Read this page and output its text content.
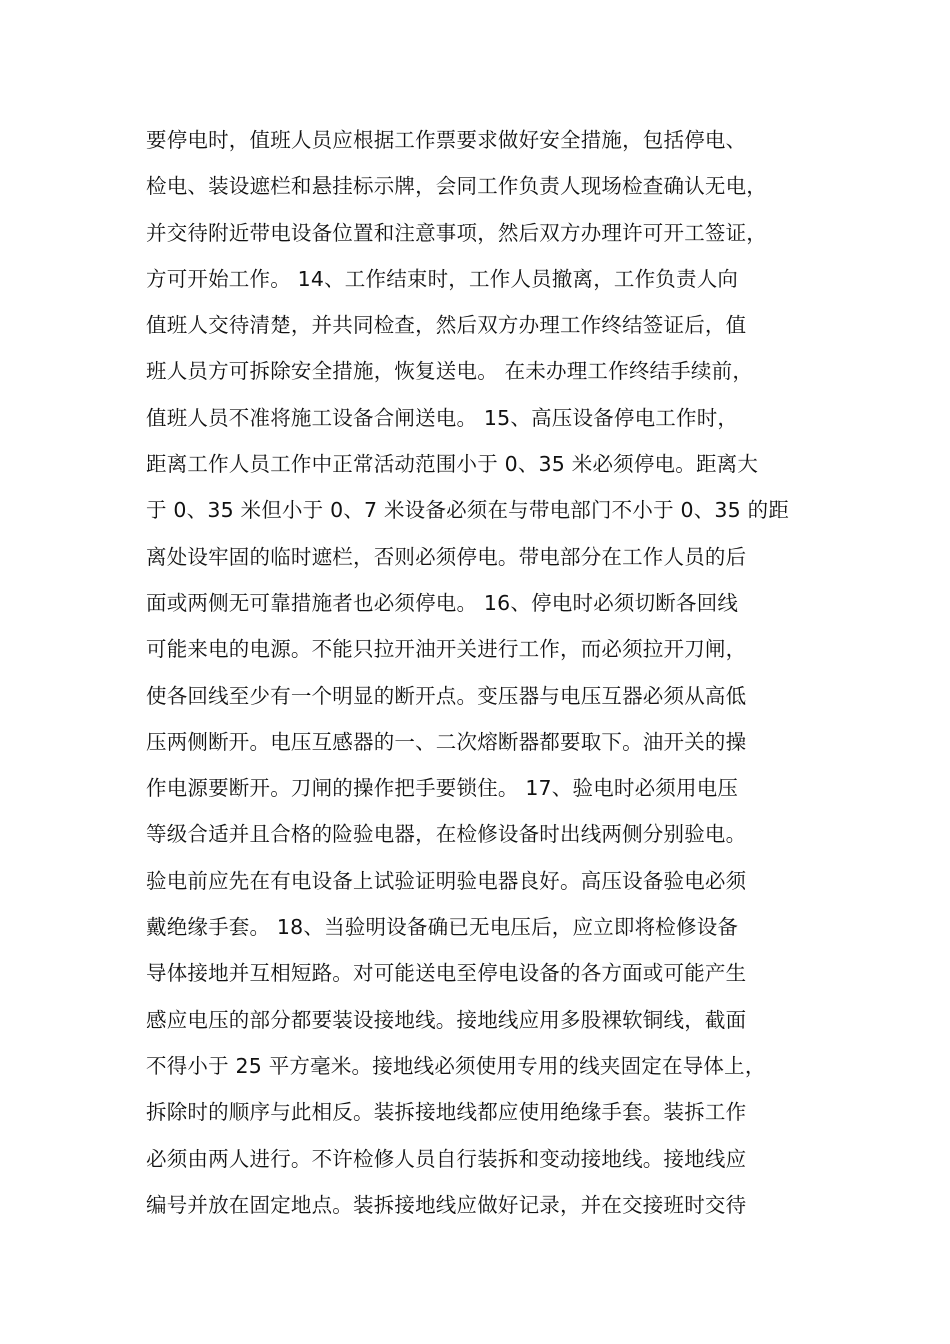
要停电时，值班人员应根据工作票要求做好安全措施，包括停电、
检电、装设遮栏和悬挂标示牌，会同工作负责人现场检查确认无电，
并交待附近带电设备位置和注意事项，然后双方办理许可开工签证，
方可开始工作。 14、工作结束时，工作人员撤离，工作负责人向
值班人交待清楚，并共同检查，然后双方办理工作终结签证后，值
班人员方可拆除安全措施，恢复送电。 在未办理工作终结手续前，
值班人员不准将施工设备合闸送电。 15、高压设备停电工作时，
距离工作人员工作中正常活动范围小于 0、35 米必须停电。距离大
于 0、35 米但小于 0、7 米设备必须在与带电部门不小于 0、35 的距
离处设牢固的临时遮栏，否则必须停电。带电部分在工作人员的后
面或两侧无可靠措施者也必须停电。 16、停电时必须切断各回线
可能来电的电源。不能只拉开油开关进行工作，而必须拉开刀闸，
使各回线至少有一个明显的断开点。变压器与电压互器必须从高低
压两侧断开。电压互感器的一、二次熔断器都要取下。油开关的操
作电源要断开。刀闸的操作把手要锁住。 17、验电时必须用电压
等级合适并且合格的险验电器，在检修设备时出线两侧分别验电。
验电前应先在有电设备上试验证明验电器良好。高压设备验电必须
戴绝缘手套。 18、当验明设备确已无电压后，应立即将检修设备
导体接地并互相短路。对可能送电至停电设备的各方面或可能产生
感应电压的部分都要装设接地线。接地线应用多股裸软铜线，截面
不得小于 25 平方毫米。接地线必须使用专用的线夹固定在导体上，
拆除时的顺序与此相反。装拆接地线都应使用绝缘手套。装拆工作
必须由两人进行。不许检修人员自行装拆和变动接地线。接地线应
编号并放在固定地点。装拆接地线应做好记录，并在交接班时交待
